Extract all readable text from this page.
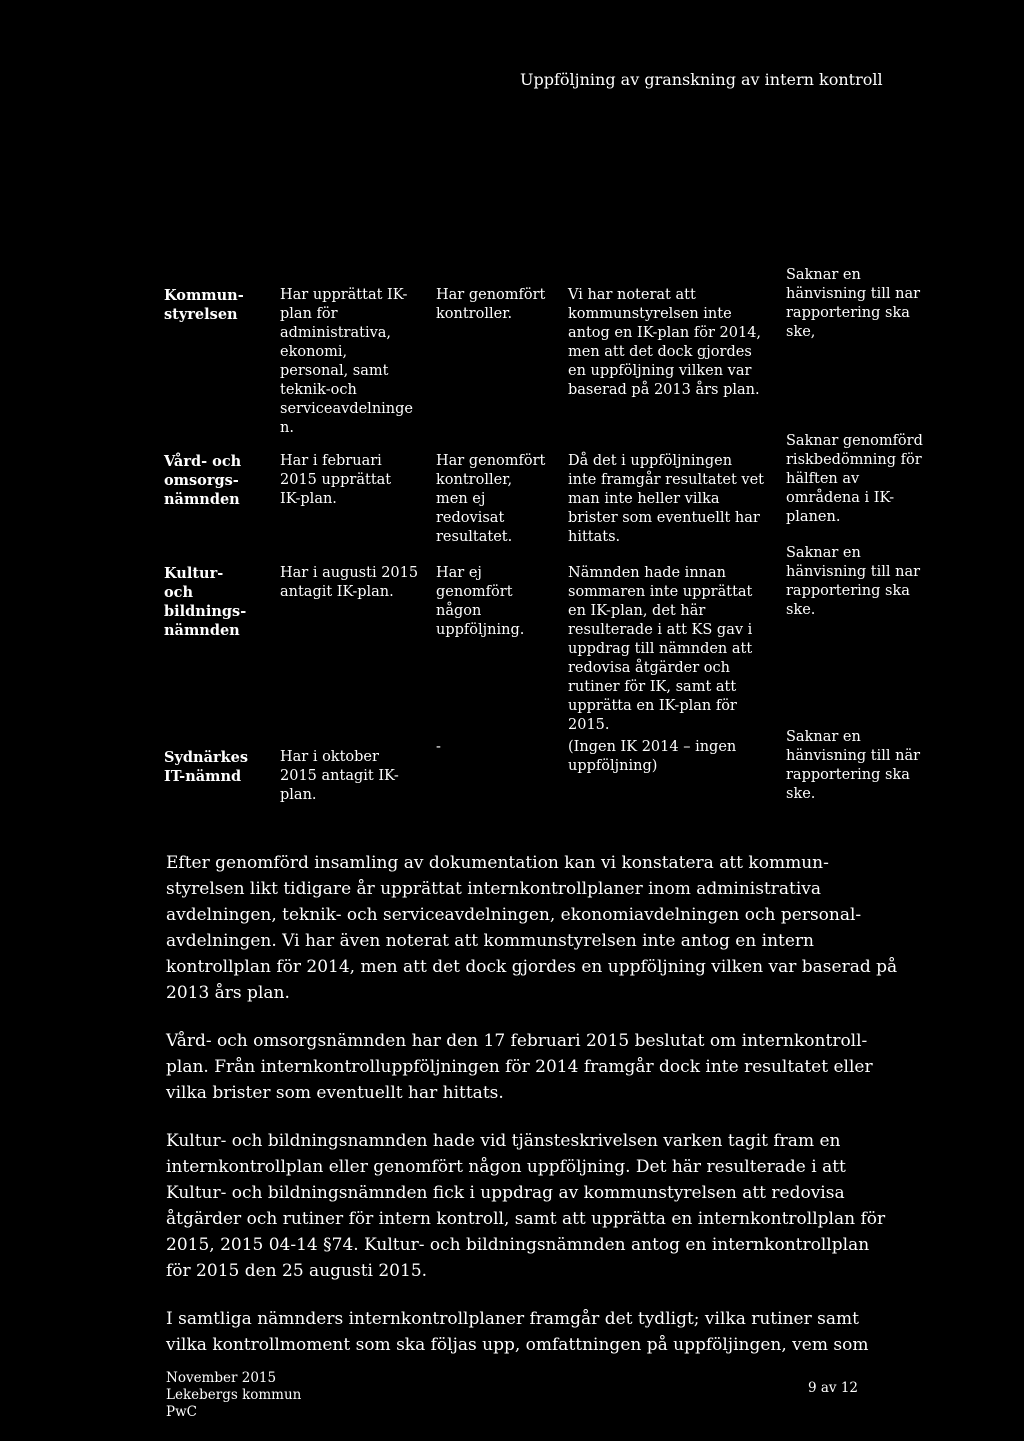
Uppföljning av granskning av intern kontroll
Kommun-
styrelsen
Har upprättat IK-
plan för
administrativa,
ekonomi,
personal, samt
teknik-och
serviceavdelninge
n.
Har genomfört
kontroller.
Vi har noterat att
kommunstyrelsen inte
antog en IK-plan för 2014,
men att det dock gjordes
en uppföljning vilken var
baserad på 2013 års plan.
Saknar en
hänvisning till nar
rapportering ska
ske,
Vård- och
omsorgs-
nämnden
Har i februari
2015 upprättat
IK-plan.
Har genomfört
kontroller,
men ej
redovisat
resultatet.
Då det i uppföljningen
inte framgår resultatet vet
man inte heller vilka
brister som eventuellt har
hittats.
Saknar genomförd
riskbedömning för
hälften av
områdena i IK-
planen.
Kultur-
och
bildnings-
nämnden
Har i augusti 2015
antagit IK-plan.
Har ej
genomfört
någon
uppföljning.
Nämnden hade innan
sommaren inte upprättat
en IK-plan, det här
resulterade i att KS gav i
uppdrag till nämnden att
redovisa åtgärder och
rutiner för IK, samt att
upprätta en IK-plan för
2015.
Saknar en
hänvisning till nar
rapportering ska
ske.
Sydnärkes
IT-nämnd
Har i oktober
2015 antagit IK-
plan.
-	(Ingen IK 2014 – ingen
uppföljning)
Saknar en
hänvisning till när
rapportering ska
ske.

Efter genomförd insamling av dokumentation kan vi konstatera att kommun-
styrelsen likt tidigare år upprättat internkontrollplaner inom administrativa
avdelningen, teknik- och serviceavdelningen, ekonomiavdelningen och personal-
avdelningen. Vi har även noterat att kommunstyrelsen inte antog en intern
kontrollplan för 2014, men att det dock gjordes en uppföljning vilken var baserad på
2013 års plan.

Vård- och omsorgsnämnden har den 17 februari 2015 beslutat om internkontroll-
plan. Från internkontrolluppföljningen för 2014 framgår dock inte resultatet eller
vilka brister som eventuellt har hittats.

Kultur- och bildningsnamnden hade vid tjänsteskrivelsen varken tagit fram en
internkontrollplan eller genomfört någon uppföljning. Det här resulterade i att
Kultur- och bildningsnämnden fick i uppdrag av kommunstyrelsen att redovisa
åtgärder och rutiner för intern kontroll, samt att upprätta en internkontrollplan för
2015, 2015 04-14 §74. Kultur- och bildningsnämnden antog en internkontrollplan
för 2015 den 25 augusti 2015.

I samtliga nämnders internkontrollplaner framgår det tydligt; vilka rutiner samt
vilka kontrollmoment som ska följas upp, omfattningen på uppföljingen, vem som

November 2015
Lekebergs kommun
PwC
9 av 12
